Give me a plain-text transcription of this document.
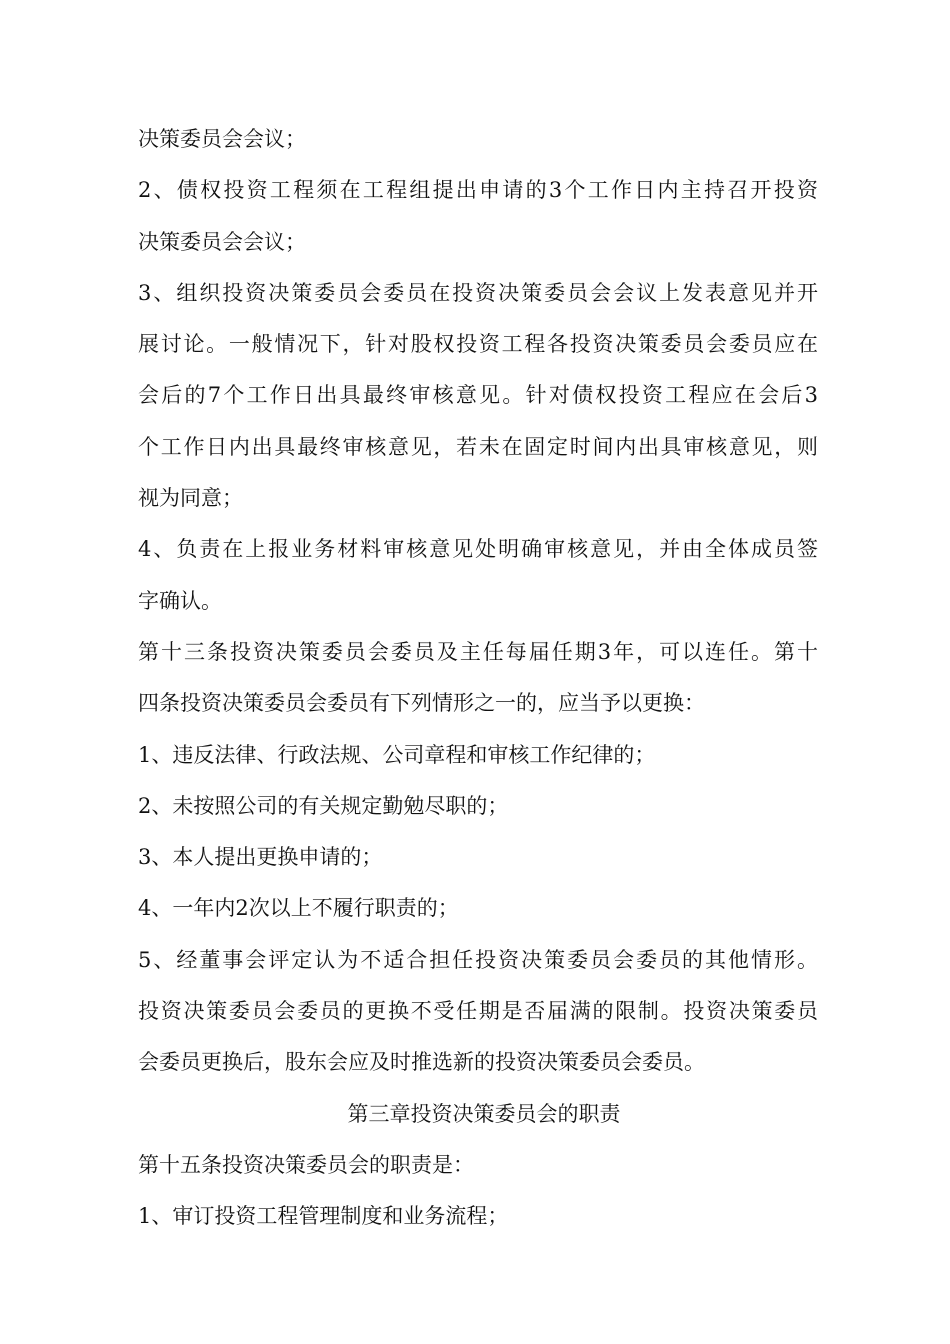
决策委员会会议；
2、债权投资工程须在工程组提出申请的3个工作日内主持召开投资
决策委员会会议；
3、组织投资决策委员会委员在投资决策委员会会议上发表意见并开
展讨论。一般情况下，针对股权投资工程各投资决策委员会委员应在
会后的7个工作日出具最终审核意见。针对债权投资工程应在会后3
个工作日内出具最终审核意见，若未在固定时间内出具审核意见，则
视为同意；
4、负责在上报业务材料审核意见处明确审核意见，并由全体成员签
字确认。
第十三条投资决策委员会委员及主任每届任期3年，可以连任。第十
四条投资决策委员会委员有下列情形之一的，应当予以更换：
1、违反法律、行政法规、公司章程和审核工作纪律的；
2、未按照公司的有关规定勤勉尽职的；
3、本人提出更换申请的；
4、一年内2次以上不履行职责的；
5、经董事会评定认为不适合担任投资决策委员会委员的其他情形。
投资决策委员会委员的更换不受任期是否届满的限制。投资决策委员
会委员更换后，股东会应及时推选新的投资决策委员会委员。
第三章投资决策委员会的职责
第十五条投资决策委员会的职责是：
1、审订投资工程管理制度和业务流程；
